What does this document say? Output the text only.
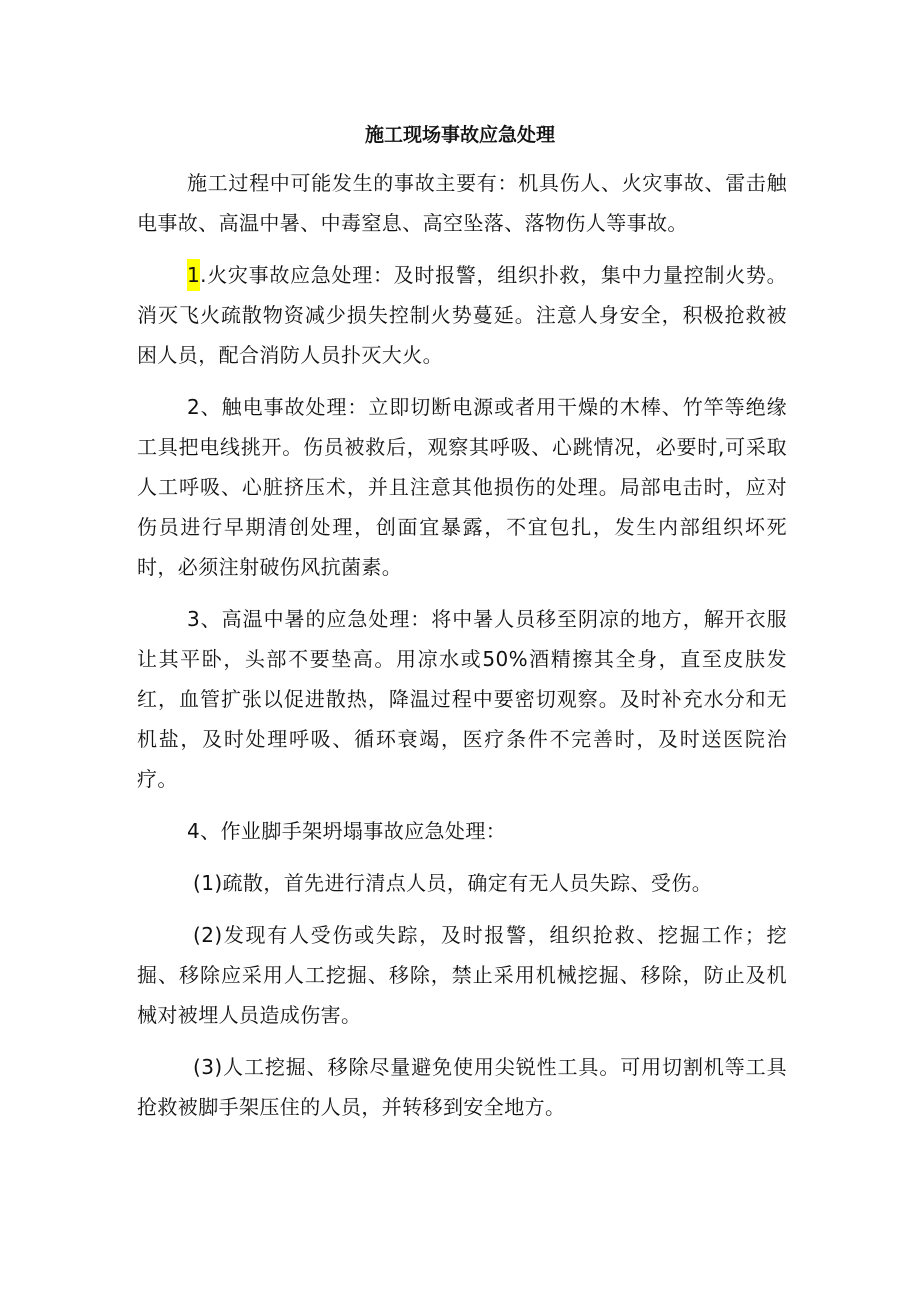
施工现场事故应急处理

施工过程中可能发生的事故主要有：机具伤人、火灾事故、雷击触电事故、高温中暑、中毒窒息、高空坠落、落物伤人等事故。

1.火灾事故应急处理：及时报警，组织扑救，集中力量控制火势。消灭飞火疏散物资减少损失控制火势蔓延。注意人身安全，积极抢救被困人员，配合消防人员扑灭大火。

2、触电事故处理：立即切断电源或者用干燥的木棒、竹竿等绝缘工具把电线挑开。伤员被救后，观察其呼吸、心跳情况，必要时,可采取人工呼吸、心脏挤压术，并且注意其他损伤的处理。局部电击时，应对伤员进行早期清创处理，创面宜暴露，不宜包扎，发生内部组织坏死时，必须注射破伤风抗菌素。

3、高温中暑的应急处理：将中暑人员移至阴凉的地方，解开衣服让其平卧，头部不要垫高。用凉水或50%酒精擦其全身，直至皮肤发红，血管扩张以促进散热，降温过程中要密切观察。及时补充水分和无机盐，及时处理呼吸、循环衰竭，医疗条件不完善时，及时送医院治疗。

4、作业脚手架坍塌事故应急处理：

(1)疏散，首先进行清点人员，确定有无人员失踪、受伤。

(2)发现有人受伤或失踪，及时报警，组织抢救、挖掘工作；挖掘、移除应采用人工挖掘、移除，禁止采用机械挖掘、移除，防止及机械对被埋人员造成伤害。

(3)人工挖掘、移除尽量避免使用尖锐性工具。可用切割机等工具抢救被脚手架压住的人员，并转移到安全地方。
